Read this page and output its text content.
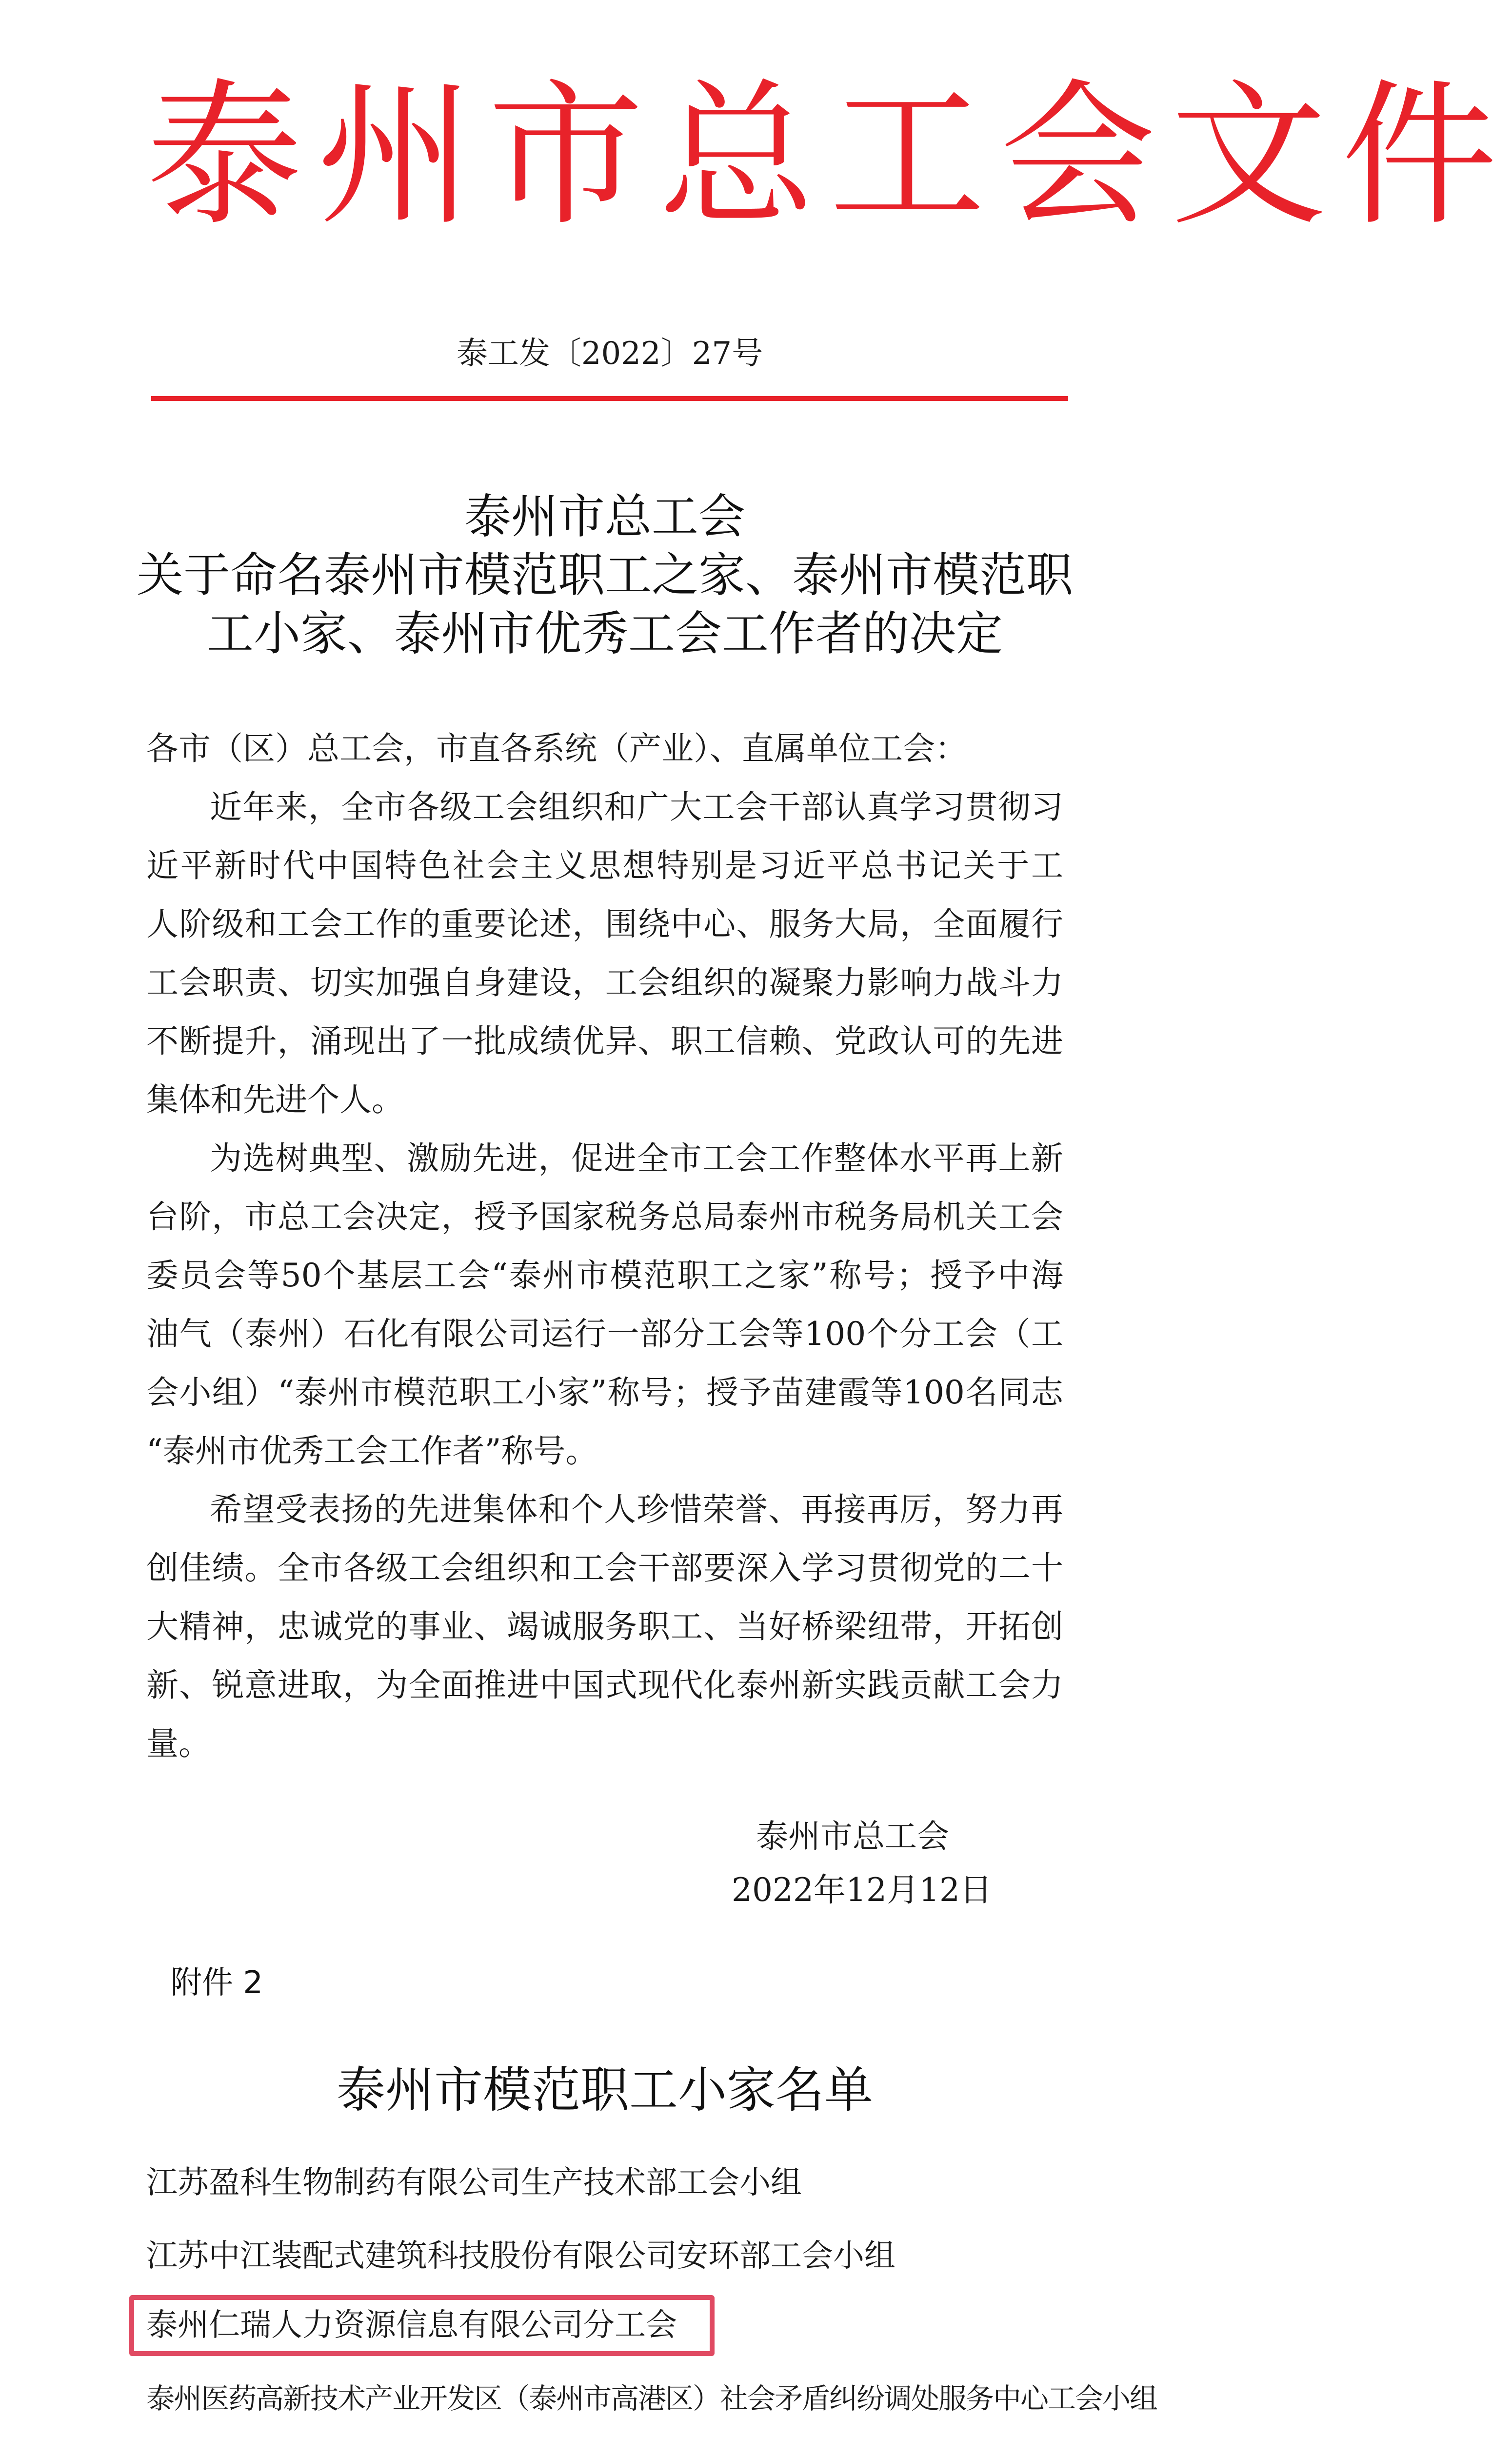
泰州市总工会文件
泰工发〔2022〕27号
泰州市总工会
关于命名泰州市模范职工之家、泰州市模范职
工小家、泰州市优秀工会工作者的决定
各市（区）总工会，市直各系统（产业）、直属单位工会：
近年来，全市各级工会组织和广大工会干部认真学习贯彻习
近平新时代中国特色社会主义思想特别是习近平总书记关于工
人阶级和工会工作的重要论述，围绕中心、服务大局，全面履行
工会职责、切实加强自身建设，工会组织的凝聚力影响力战斗力
不断提升，涌现出了一批成绩优异、职工信赖、党政认可的先进
集体和先进个人。
为选树典型、激励先进，促进全市工会工作整体水平再上新
台阶，市总工会决定，授予国家税务总局泰州市税务局机关工会
委员会等50个基层工会“泰州市模范职工之家”称号；授予中海
油气（泰州）石化有限公司运行一部分工会等100个分工会（工
会小组）“泰州市模范职工小家”称号；授予苗建霞等100名同志
“泰州市优秀工会工作者”称号。
希望受表扬的先进集体和个人珍惜荣誉、再接再厉，努力再
创佳绩。全市各级工会组织和工会干部要深入学习贯彻党的二十
大精神，忠诚党的事业、竭诚服务职工、当好桥梁纽带，开拓创
新、锐意进取，为全面推进中国式现代化泰州新实践贡献工会力
量。
泰州市总工会
2022年12月12日
附件 2
泰州市模范职工小家名单
江苏盈科生物制药有限公司生产技术部工会小组
江苏中江装配式建筑科技股份有限公司安环部工会小组
泰州仁瑞人力资源信息有限公司分工会
泰州医药高新技术产业开发区（泰州市高港区）社会矛盾纠纷调处服务中心工会小组
